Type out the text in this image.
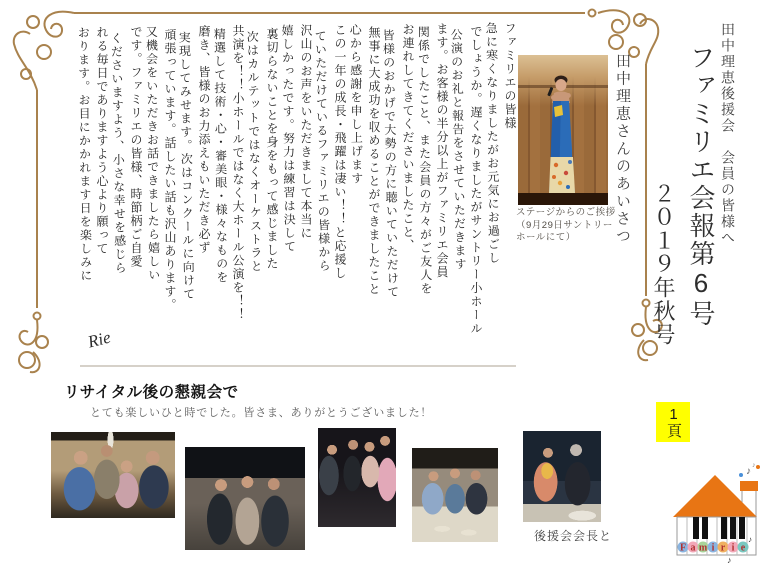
ファミリエの皆様
急に寒くなりましたがお元気にお過ごし
でしょうか。遅くなりましたがサントリー小ホール
公演のお礼と報告をさせていただきます
ます。お客様の半分以上がファミリエ会員
関係でしたこと、また会員の方々がご友人を
お連れしてきてくださいましたこと、
皆様のおかげで大勢の方に聴いていただけて
無事に大成功を収めることができましたこと
心から感謝を申し上げます
この一年の成長・飛躍は凄い！！と応援し
ていただけているファミリエの皆様から
沢山のお声をいただきまして本当に
嬉しかったです。努力は練習は決して
裏切らないことを身をもって感じました
次はカルテットではなくオーケストラと
共演を！！小ホールではなく大ホール公演を！！
精選して技術・心・審美眼・様々なものを
磨き、皆様のお力添えもいただき必ず
実現してみせます。次はコンクールに向けて
頑張っています。話したい話も沢山あります。
又機会をいただきお話できましたら嬉しい
です。ファミリエの皆様、時節柄ご自愛
くださいますよう、小さな幸せを感じら
れる毎日でありますよう心より願って
おります。お目にかかれます日を楽しみに
Rie
田中理恵さんのあいさつ
ステージからのご挨拶
（9月29日サントリー
ホールにて）	田中理恵後援会　会員の皆様へ
ファミリエ会報第6号
２０１９年秋号
1頁
リサイタル後の懇親会で
とても楽しいひと時でした。皆さま、ありがとうございました！
後援会会長と
♪
♪
F a m i r i e
♪
♪
